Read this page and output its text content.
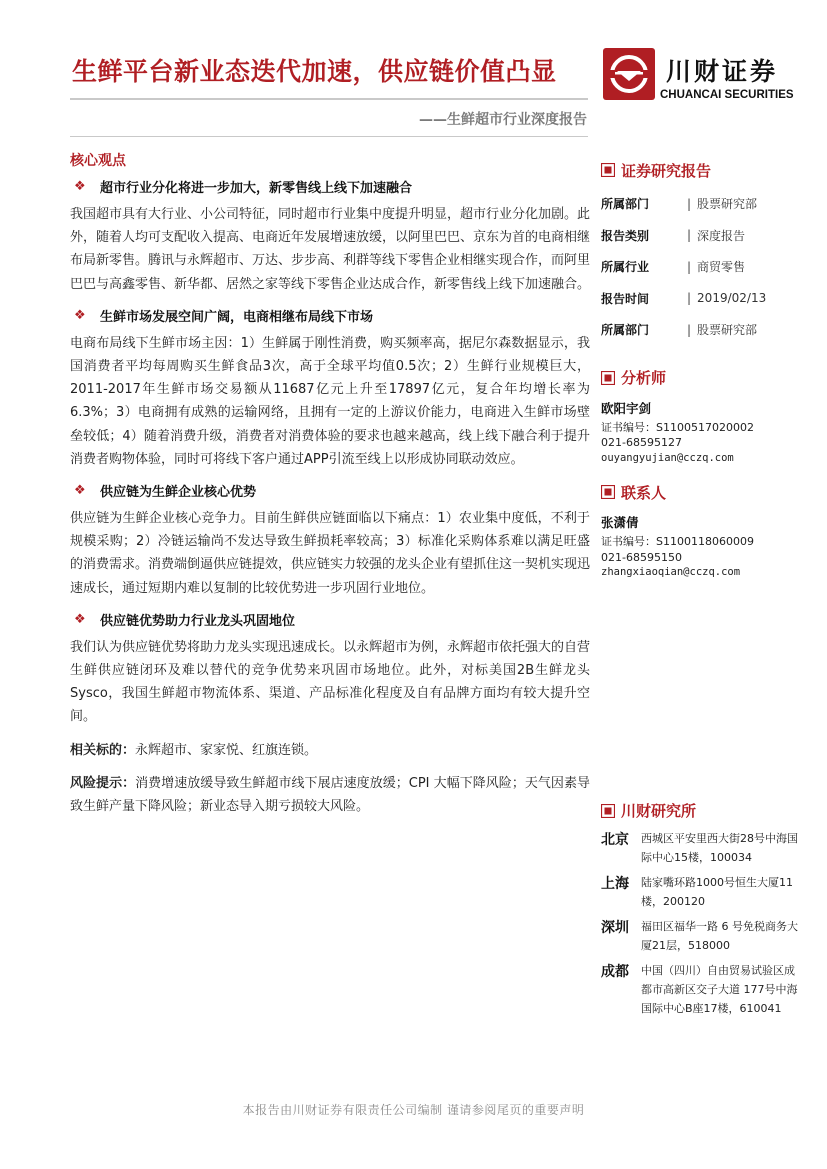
生鲜平台新业态迭代加速，供应链价值凸显
——生鲜超市行业深度报告
川财证券
CHUANCAI SECURITIES
核心观点
❖	超市行业分化将进一步加大，新零售线上线下加速融合
我国超市具有大行业、小公司特征，同时超市行业集中度提升明显，超市行业分化加剧。此外，随着人均可支配收入提高、电商近年发展增速放缓，以阿里巴巴、京东为首的电商相继布局新零售。腾讯与永辉超市、万达、步步高、利群等线下零售企业相继实现合作，而阿里巴巴与高鑫零售、新华都、居然之家等线下零售企业达成合作，新零售线上线下加速融合。
❖	生鲜市场发展空间广阔，电商相继布局线下市场
电商布局线下生鲜市场主因：1）生鲜属于刚性消费，购买频率高，据尼尔森数据显示，我国消费者平均每周购买生鲜食品3次，高于全球平均值0.5次；2）生鲜行业规模巨大，2011-2017年生鲜市场交易额从11687亿元上升至17897亿元，复合年均增长率为 6.3%；3）电商拥有成熟的运输网络，且拥有一定的上游议价能力，电商进入生鲜市场壁垒较低；4）随着消费升级，消费者对消费体验的要求也越来越高，线上线下融合利于提升消费者购物体验，同时可将线下客户通过APP引流至线上以形成协同联动效应。
❖	供应链为生鲜企业核心优势
供应链为生鲜企业核心竞争力。目前生鲜供应链面临以下痛点：1）农业集中度低，不利于规模采购；2）冷链运输尚不发达导致生鲜损耗率较高；3）标准化采购体系难以满足旺盛的消费需求。消费端倒逼供应链提效，供应链实力较强的龙头企业有望抓住这一契机实现迅速成长，通过短期内难以复制的比较优势进一步巩固行业地位。
❖	供应链优势助力行业龙头巩固地位
我们认为供应链优势将助力龙头实现迅速成长。以永辉超市为例，永辉超市依托强大的自营生鲜供应链闭环及难以替代的竞争优势来巩固市场地位。此外，对标美国2B生鲜龙头Sysco，我国生鲜超市物流体系、渠道、产品标准化程度及自有品牌方面均有较大提升空间。
相关标的：永辉超市、家家悦、红旗连锁。
风险提示：消费增速放缓导致生鲜超市线下展店速度放缓；CPI 大幅下降风险；天气因素导致生鲜产量下降风险；新业态导入期亏损较大风险。
证券研究报告
所属部门	| 股票研究部
报告类别	| 深度报告
所属行业	| 商贸零售
报告时间	| 2019/02/13
所属部门	| 股票研究部
分析师
欧阳宇剑
证书编号：S1100517020002
021-68595127
ouyangyujian@cczq.com
联系人
张潇倩
证书编号：S1100118060009
021-68595150
zhangxiaoqian@cczq.com
川财研究所
北京	西城区平安里西大街28号中海国际中心15楼，100034
上海	陆家嘴环路1000号恒生大厦11楼，200120
深圳	福田区福华一路 6 号免税商务大厦21层，518000
成都	中国（四川）自由贸易试验区成都市高新区交子大道 177号中海国际中心B座17楼，610041
本报告由川财证券有限责任公司编制 谨请参阅尾页的重要声明
